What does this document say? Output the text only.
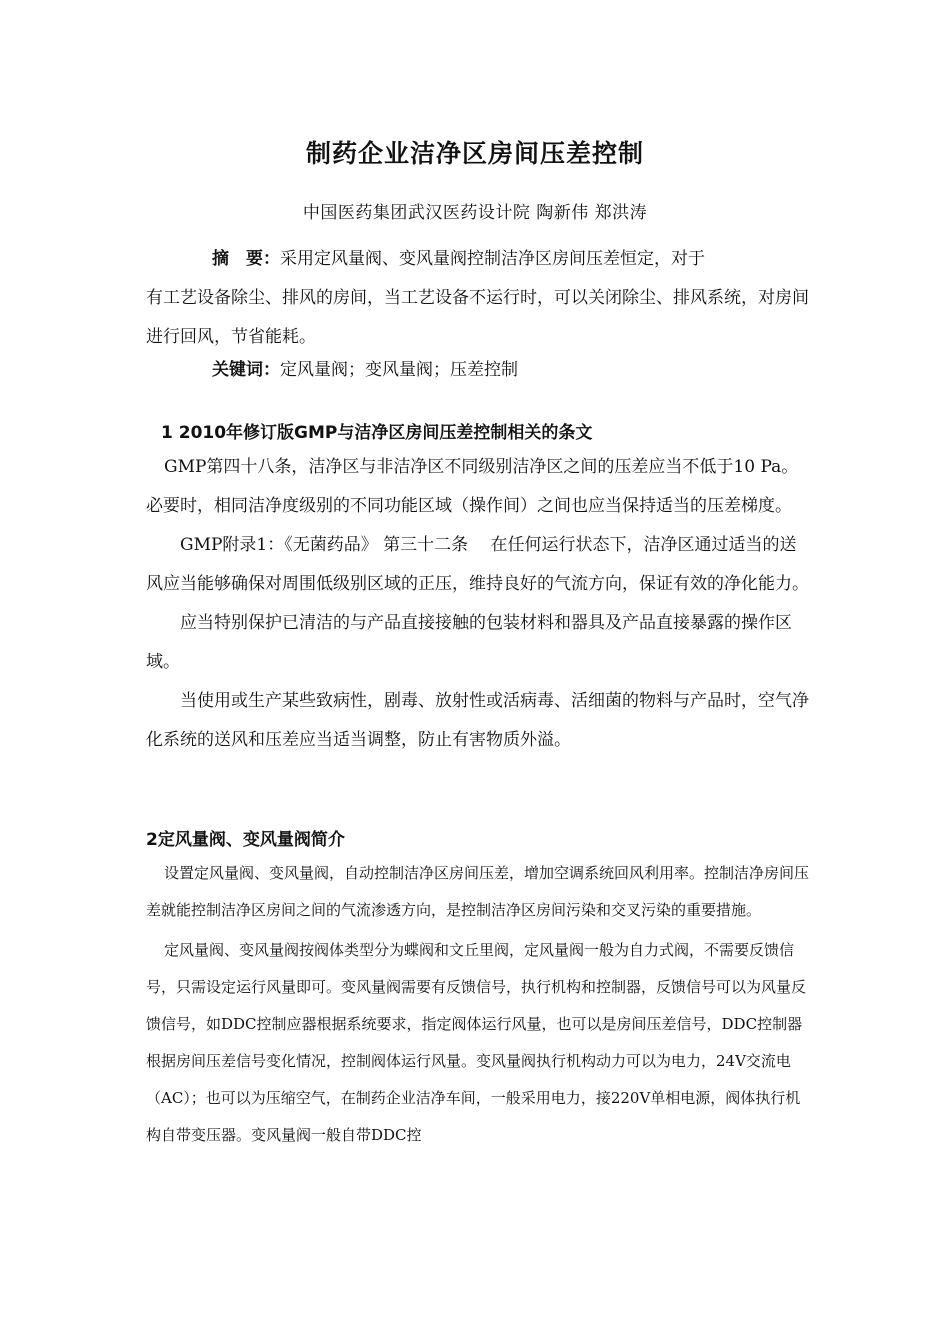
制药企业洁净区房间压差控制
中国医药集团武汉医药设计院 陶新伟 郑洪涛

摘　要：采用定风量阀、变风量阀控制洁净区房间压差恒定，对于

有工艺设备除尘、排风的房间，当工艺设备不运行时，可以关闭除尘、排风系统，对房间进行回风，节省能耗。

关键词：定风量阀；变风量阀；压差控制

1 2010年修订版GMP与洁净区房间压差控制相关的条文

GMP第四十八条，洁净区与非洁净区不同级别洁净区之间的压差应当不低于10 Pa。必要时，相同洁净度级别的不同功能区域（操作间）之间也应当保持适当的压差梯度。

GMP附录1：《无菌药品》 第三十二条　 在任何运行状态下，洁净区通过适当的送风应当能够确保对周围低级别区域的正压，维持良好的气流方向，保证有效的净化能力。

应当特别保护已清洁的与产品直接接触的包装材料和器具及产品直接暴露的操作区域。

当使用或生产某些致病性，剧毒、放射性或活病毒、活细菌的物料与产品时，空气净化系统的送风和压差应当适当调整，防止有害物质外溢。

2定风量阀、变风量阀简介

设置定风量阀、变风量阀，自动控制洁净区房间压差，增加空调系统回风利用率。控制洁净房间压差就能控制洁净区房间之间的气流渗透方向，是控制洁净区房间污染和交叉污染的重要措施。

定风量阀、变风量阀按阀体类型分为蝶阀和文丘里阀，定风量阀一般为自力式阀，不需要反馈信号，只需设定运行风量即可。变风量阀需要有反馈信号，执行机构和控制器，反馈信号可以为风量反馈信号，如DDC控制应器根据系统要求，指定阀体运行风量，也可以是房间压差信号，DDC控制器根据房间压差信号变化情况，控制阀体运行风量。变风量阀执行机构动力可以为电力，24V交流电（AC）；也可以为压缩空气，在制药企业洁净车间，一般采用电力，接220V单相电源，阀体执行机构自带变压器。变风量阀一般自带DDC控
